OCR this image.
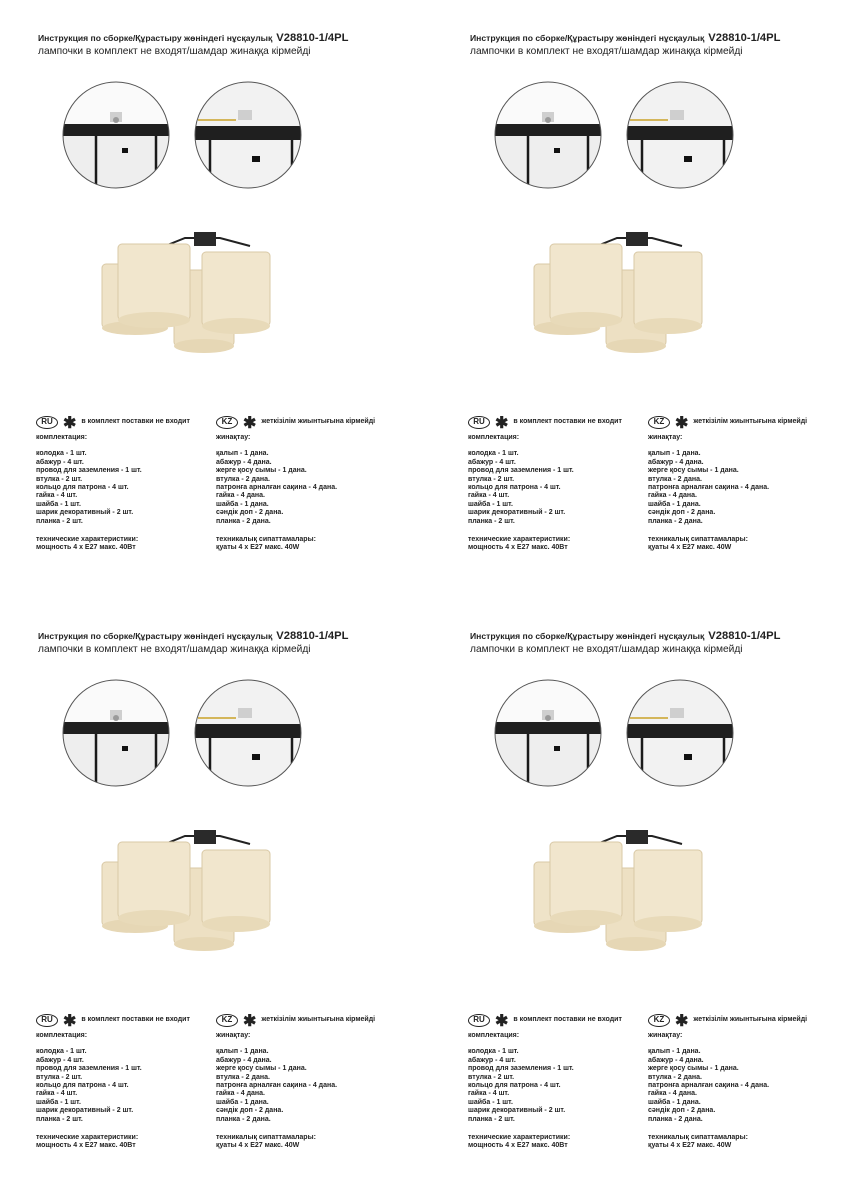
Инструкция по сборке/Құрастыру жөніндегі нұсқаулық V28810-1/4PL
лампочки в комплект не входят/шамдар жинаққа кірмейді
RU ✱ в комплект поставки не входит
комплектация:
колодка - 1 шт.
абажур - 4 шт.
провод для заземления - 1 шт.
втулка - 2 шт.
кольцо для патрона - 4 шт.
гайка - 4 шт.
шайба - 1 шт.
шарик декоративный - 2 шт.
планка - 2 шт.
технические характеристики:
мощность 4 x E27 макс. 40Вт
KZ ✱ жеткізілім жиынтығына кірмейді
жинақтау:
қалып - 1 дана.
абажур - 4 дана.
жерге қосу сымы - 1 дана.
втулка - 2 дана.
патронға арналған сақина - 4 дана.
гайка - 4 дана.
шайба - 1 дана.
сәндік доп - 2 дана.
планка - 2 дана.
техникалық сипаттамалары:
қуаты 4 x E27 макс. 40W
Инструкция по сборке/Құрастыру жөніндегі нұсқаулық V28810-1/4PL
лампочки в комплект не входят/шамдар жинаққа кірмейді
RU ✱ в комплект поставки не входит
комплектация:
колодка - 1 шт.
абажур - 4 шт.
провод для заземления - 1 шт.
втулка - 2 шт.
кольцо для патрона - 4 шт.
гайка - 4 шт.
шайба - 1 шт.
шарик декоративный - 2 шт.
планка - 2 шт.
технические характеристики:
мощность 4 x E27 макс. 40Вт
KZ ✱ жеткізілім жиынтығына кірмейді
жинақтау:
қалып - 1 дана.
абажур - 4 дана.
жерге қосу сымы - 1 дана.
втулка - 2 дана.
патронға арналған сақина - 4 дана.
гайка - 4 дана.
шайба - 1 дана.
сәндік доп - 2 дана.
планка - 2 дана.
техникалық сипаттамалары:
қуаты 4 x E27 макс. 40W
Инструкция по сборке/Құрастыру жөніндегі нұсқаулық V28810-1/4PL
лампочки в комплект не входят/шамдар жинаққа кірмейді
RU ✱ в комплект поставки не входит
комплектация:
колодка - 1 шт.
абажур - 4 шт.
провод для заземления - 1 шт.
втулка - 2 шт.
кольцо для патрона - 4 шт.
гайка - 4 шт.
шайба - 1 шт.
шарик декоративный - 2 шт.
планка - 2 шт.
технические характеристики:
мощность 4 x E27 макс. 40Вт
KZ ✱ жеткізілім жиынтығына кірмейді
жинақтау:
қалып - 1 дана.
абажур - 4 дана.
жерге қосу сымы - 1 дана.
втулка - 2 дана.
патронға арналған сақина - 4 дана.
гайка - 4 дана.
шайба - 1 дана.
сәндік доп - 2 дана.
планка - 2 дана.
техникалық сипаттамалары:
қуаты 4 x E27 макс. 40W
Инструкция по сборке/Құрастыру жөніндегі нұсқаулық V28810-1/4PL
лампочки в комплект не входят/шамдар жинаққа кірмейді
RU ✱ в комплект поставки не входит
комплектация:
колодка - 1 шт.
абажур - 4 шт.
провод для заземления - 1 шт.
втулка - 2 шт.
кольцо для патрона - 4 шт.
гайка - 4 шт.
шайба - 1 шт.
шарик декоративный - 2 шт.
планка - 2 шт.
технические характеристики:
мощность 4 x E27 макс. 40Вт
KZ ✱ жеткізілім жиынтығына кірмейді
жинақтау:
қалып - 1 дана.
абажур - 4 дана.
жерге қосу сымы - 1 дана.
втулка - 2 дана.
патронға арналған сақина - 4 дана.
гайка - 4 дана.
шайба - 1 дана.
сәндік доп - 2 дана.
планка - 2 дана.
техникалық сипаттамалары:
қуаты 4 x E27 макс. 40W
